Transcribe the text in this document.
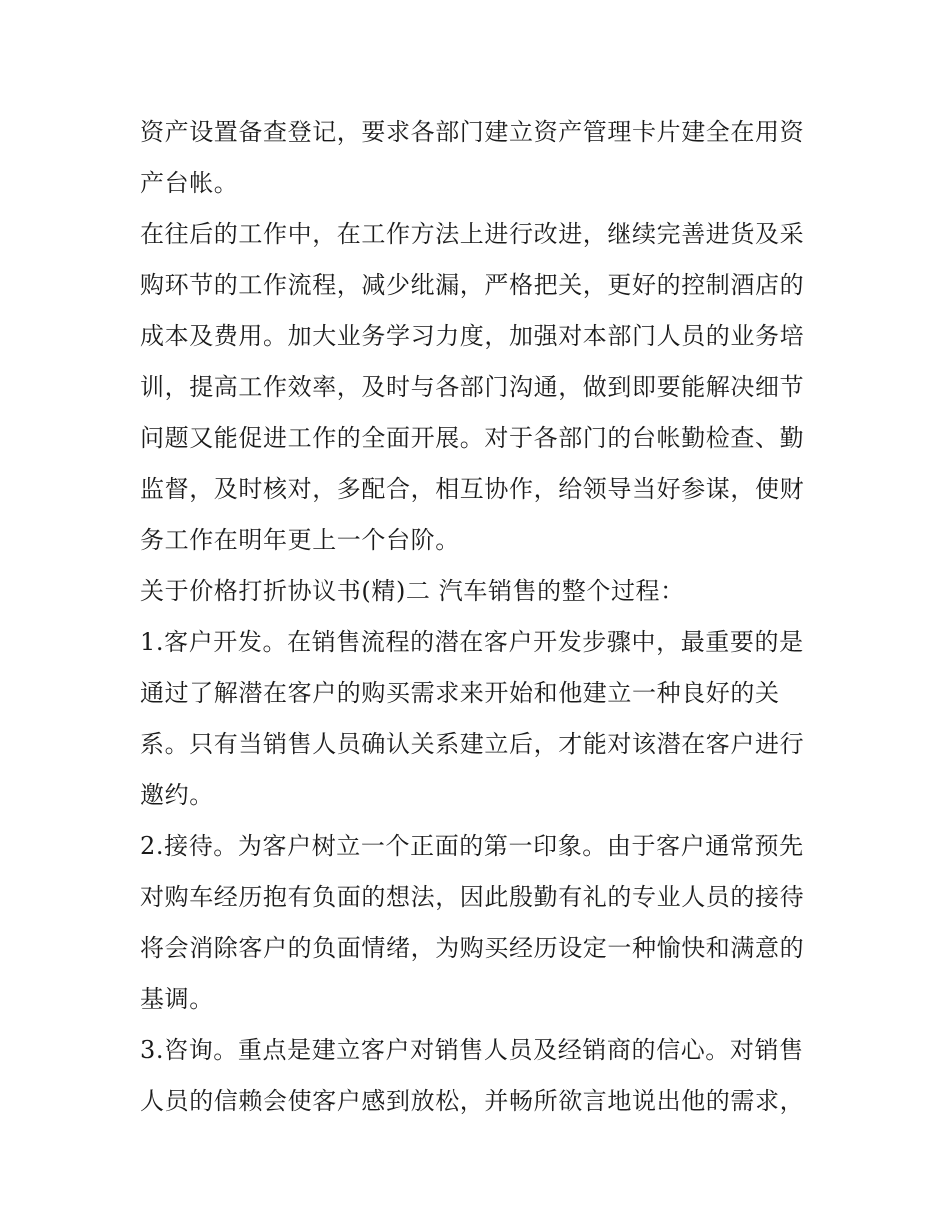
资产设置备查登记，要求各部门建立资产管理卡片建全在用资
产台帐。
在往后的工作中，在工作方法上进行改进，继续完善进货及采
购环节的工作流程，减少纰漏，严格把关，更好的控制酒店的
成本及费用。加大业务学习力度，加强对本部门人员的业务培
训，提高工作效率，及时与各部门沟通，做到即要能解决细节
问题又能促进工作的全面开展。对于各部门的台帐勤检查、勤
监督，及时核对，多配合，相互协作，给领导当好参谋，使财
务工作在明年更上一个台阶。
关于价格打折协议书(精)二 汽车销售的整个过程：
1.客户开发。在销售流程的潜在客户开发步骤中，最重要的是
通过了解潜在客户的购买需求来开始和他建立一种良好的关
系。只有当销售人员确认关系建立后，才能对该潜在客户进行
邀约。
2.接待。为客户树立一个正面的第一印象。由于客户通常预先
对购车经历抱有负面的想法，因此殷勤有礼的专业人员的接待
将会消除客户的负面情绪，为购买经历设定一种愉快和满意的
基调。
3.咨询。重点是建立客户对销售人员及经销商的信心。对销售
人员的信赖会使客户感到放松，并畅所欲言地说出他的需求，
